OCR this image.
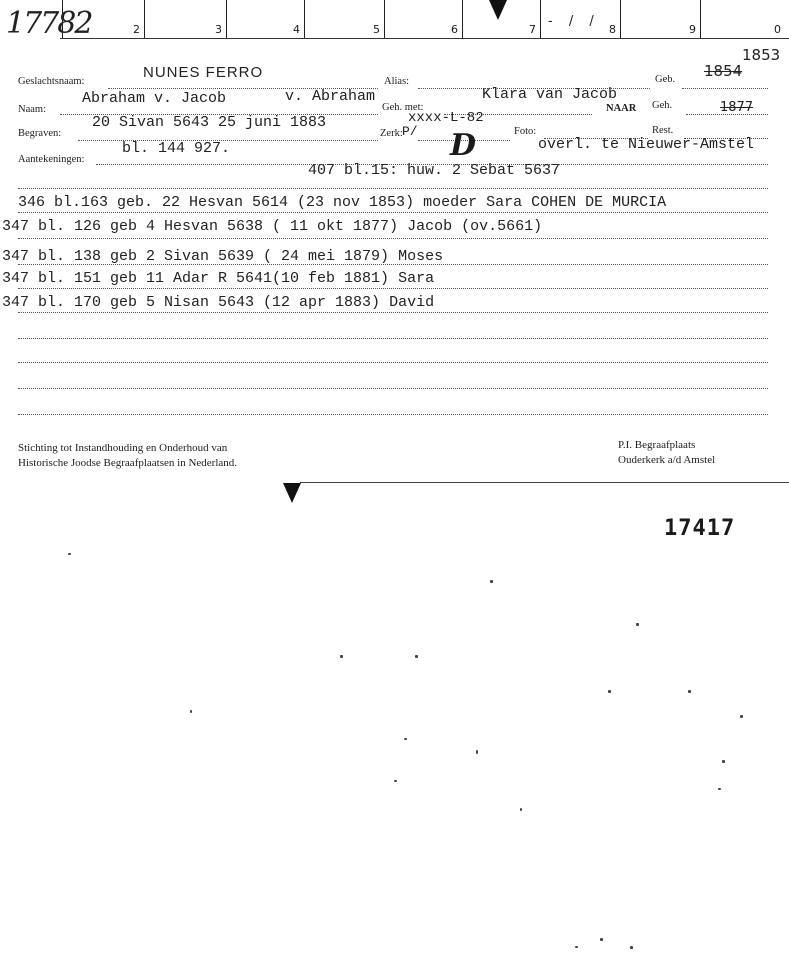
2	3	4	5	6	7	8	9	0
17782	- / /
1853
Geslachtsnaam:
NUNES FERRO
Alias:	Geb. 1854
Naam:
Abraham v. Jacob	v. Abraham
Geh. met:
Klara van Jacob
NAAR Geh.	1877
Begraven:
20 Sivan 5643 25 juni 1883
Zerk: P/
xxxx-L-82
Foto:	Rest.
Aantekeningen:
bl. 144 927.	D	overl. te Nieuwer-Amstel
407 bl.15: huw. 2 Sebat 5637
346 bl.163 geb. 22 Hesvan 5614 (23 nov 1853) moeder Sara COHEN DE MURCIA
347 bl. 126 geb 4 Hesvan 5638 ( 11 okt 1877) Jacob (ov.5661)
347 bl. 138 geb 2 Sivan 5639 ( 24 mei 1879) Moses
347 bl. 151 geb 11 Adar R 5641(10 feb 1881) Sara
347 bl. 170 geb 5 Nisan 5643 (12 apr 1883) David
Stichting tot Instandhouding en Onderhoud van
Historische Joodse Begraafplaatsen in Nederland.
P.I. Begraafplaats
Ouderkerk a/d Amstel
17417
